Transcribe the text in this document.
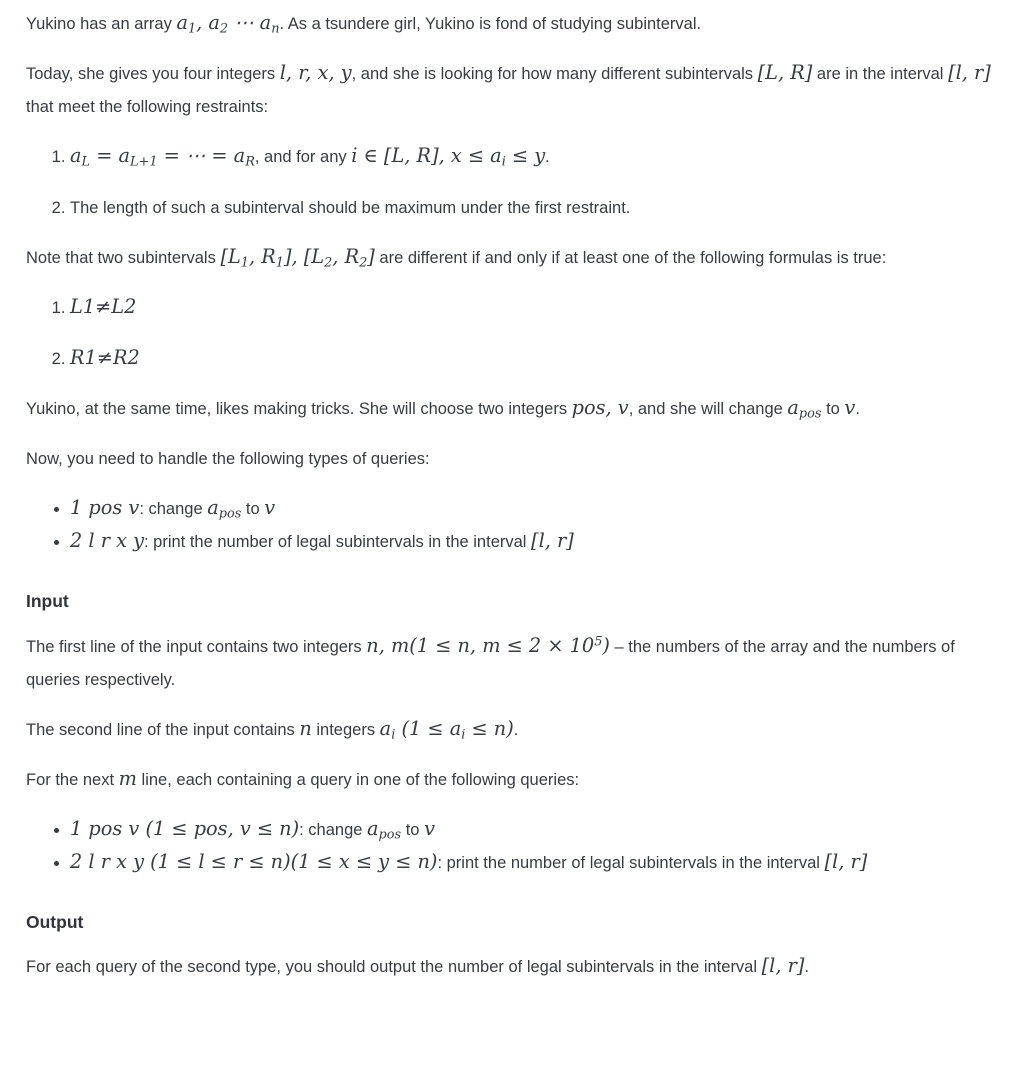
Yukino has an array $a_1$, $a_2$ ⋯ $a_n$. As a tsundere girl, Yukino is fond of studying subinterval.

Today, she gives you four integers l, r, x, y, and she is looking for how many different subintervals [L, R] are in the interval [l, r] that meet the following restraints:

1. $a_L = a_{L+1}$ = ⋯ = $a_R$, and for any i ∈ [L, R], $x \le a_i \le y$.
2. The length of such a subinterval should be maximum under the first restraint.

Note that two subintervals [$L_1$, $R_1$], [$L_2$, $R_2$] are different if and only if at least one of the following formulas is true:

1. L1≠L2
2. R1≠R2

Yukino, at the same time, likes making tricks. She will choose two integers pos, v, and she will change $a_{pos}$ to v.

Now, you need to handle the following types of queries:

• 1 pos v: change $a_{pos}$ to v
• 2 l r x y: print the number of legal subintervals in the interval [l, r]
Input

The first line of the input contains two integers n, m(1 ≤ n, $m \le 2 \times 10^5$) – the numbers of the array and the numbers of queries respectively.

The second line of the input contains n integers $a_i$ $(1 \le a_i \le n)$.

For the next m line, each containing a query in one of the following queries:

• 1 pos v (1 ≤ pos, v ≤ n): change $a_{pos}$ to v
• 2 l r x y (1 ≤ l ≤ r ≤ n)(1 ≤ x ≤ y ≤ n): print the number of legal subintervals in the interval [l, r]
Output

For each query of the second type, you should output the number of legal subintervals in the interval [l, r].
